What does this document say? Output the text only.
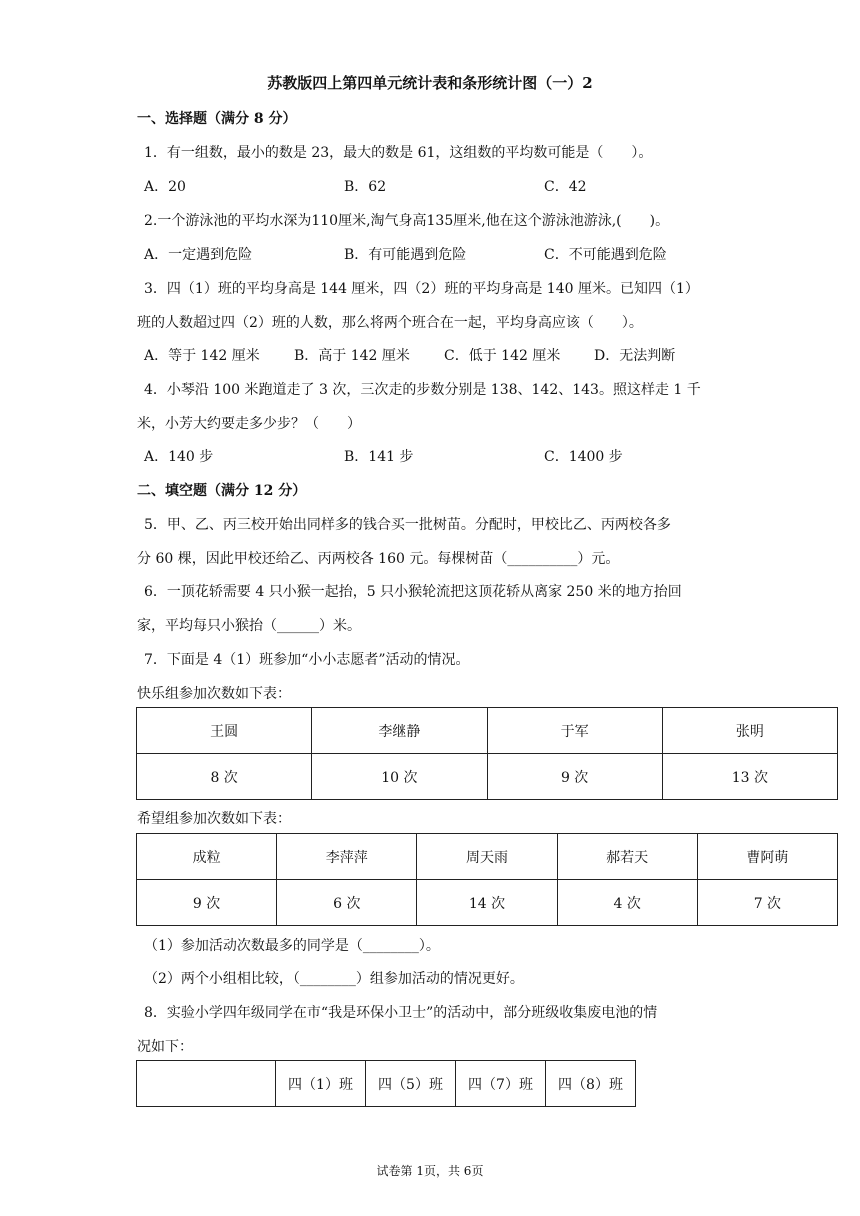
苏教版四上第四单元统计表和条形统计图（一）2
一、选择题（满分 8 分）
1．有一组数，最小的数是 23，最大的数是 61，这组数的平均数可能是（　　）。
A．20	B．62	C．42
2.一个游泳池的平均水深为110厘米,淘气身高135厘米,他在这个游泳池游泳,(　　)。
A．一定遇到危险	B．有可能遇到危险	C．不可能遇到危险
3．四（1）班的平均身高是 144 厘米，四（2）班的平均身高是 140 厘米。已知四（1）
班的人数超过四（2）班的人数，那么将两个班合在一起，平均身高应该（　　）。
A．等于 142 厘米 B．高于 142 厘米 C．低于 142 厘米 D．无法判断
4．小琴沿 100 米跑道走了 3 次，三次走的步数分别是 138、142、143。照这样走 1 千
米，小芳大约要走多少步？（　　）
A．140 步	B．141 步	C．1400 步
二、填空题（满分 12 分）
5．甲、乙、丙三校开始出同样多的钱合买一批树苗。分配时，甲校比乙、丙两校各多
分 60 棵，因此甲校还给乙、丙两校各 160 元。每棵树苗（__________）元。
6．一顶花轿需要 4 只小猴一起抬，5 只小猴轮流把这顶花轿从离家 250 米的地方抬回
家，平均每只小猴抬（______）米。
7．下面是 4（1）班参加“小小志愿者”活动的情况。
快乐组参加次数如下表：
王圆	李继静	于军	张明
8 次	10 次	9 次	13 次
希望组参加次数如下表：
成粒	李萍萍	周天雨	郝若天	曹阿萌
9 次	6 次	14 次	4 次	7 次
（1）参加活动次数最多的同学是（________）。
（2）两个小组相比较，（________）组参加活动的情况更好。
8．实验小学四年级同学在市“我是环保小卫士”的活动中，部分班级收集废电池的情
况如下：
	四（1）班	四（5）班	四（7）班	四（8）班
试卷第 1页，共 6页
